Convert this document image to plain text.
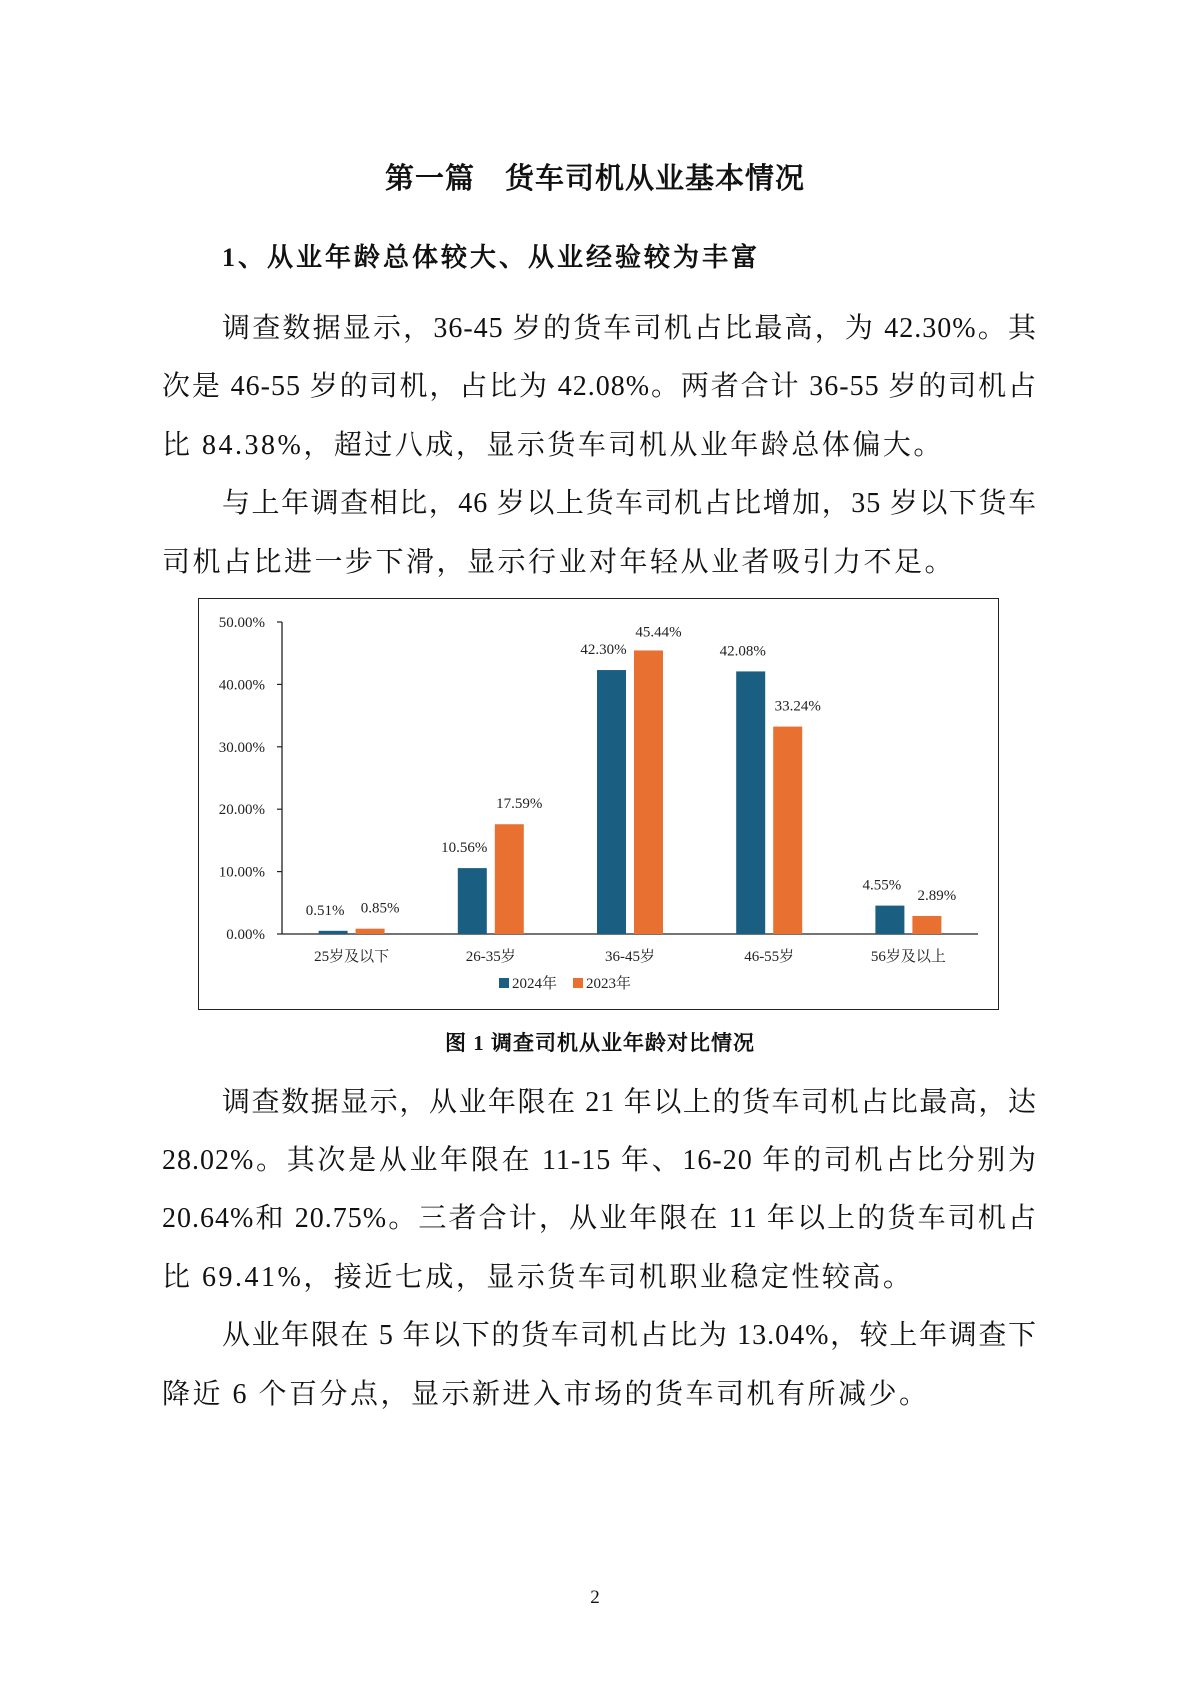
第一篇　货车司机从业基本情况
1、从业年龄总体较大、从业经验较为丰富
调查数据显示，36-45 岁的货车司机占比最高，为 42.30%。其
次是 46-55 岁的司机，占比为 42.08%。两者合计 36-55 岁的司机占
比 84.38%，超过八成，显示货车司机从业年龄总体偏大。
与上年调查相比，46 岁以上货车司机占比增加，35 岁以下货车
司机占比进一步下滑，显示行业对年轻从业者吸引力不足。
0.00%
10.00%
20.00%
30.00%
40.00%
50.00%
0.51% 0.85%
25岁及以下
10.56%
17.59%
26-35岁
42.30%
45.44%
36-45岁
42.08%
33.24%
46-55岁
4.55%
2.89%
56岁及以上
2024年 2023年
图 1 调查司机从业年龄对比情况
调查数据显示，从业年限在 21 年以上的货车司机占比最高，达
28.02%。其次是从业年限在 11-15 年、16-20 年的司机占比分别为
20.64%和 20.75%。三者合计，从业年限在 11 年以上的货车司机占
比 69.41%，接近七成，显示货车司机职业稳定性较高。
从业年限在 5 年以下的货车司机占比为 13.04%，较上年调查下
降近 6 个百分点，显示新进入市场的货车司机有所减少。
2
